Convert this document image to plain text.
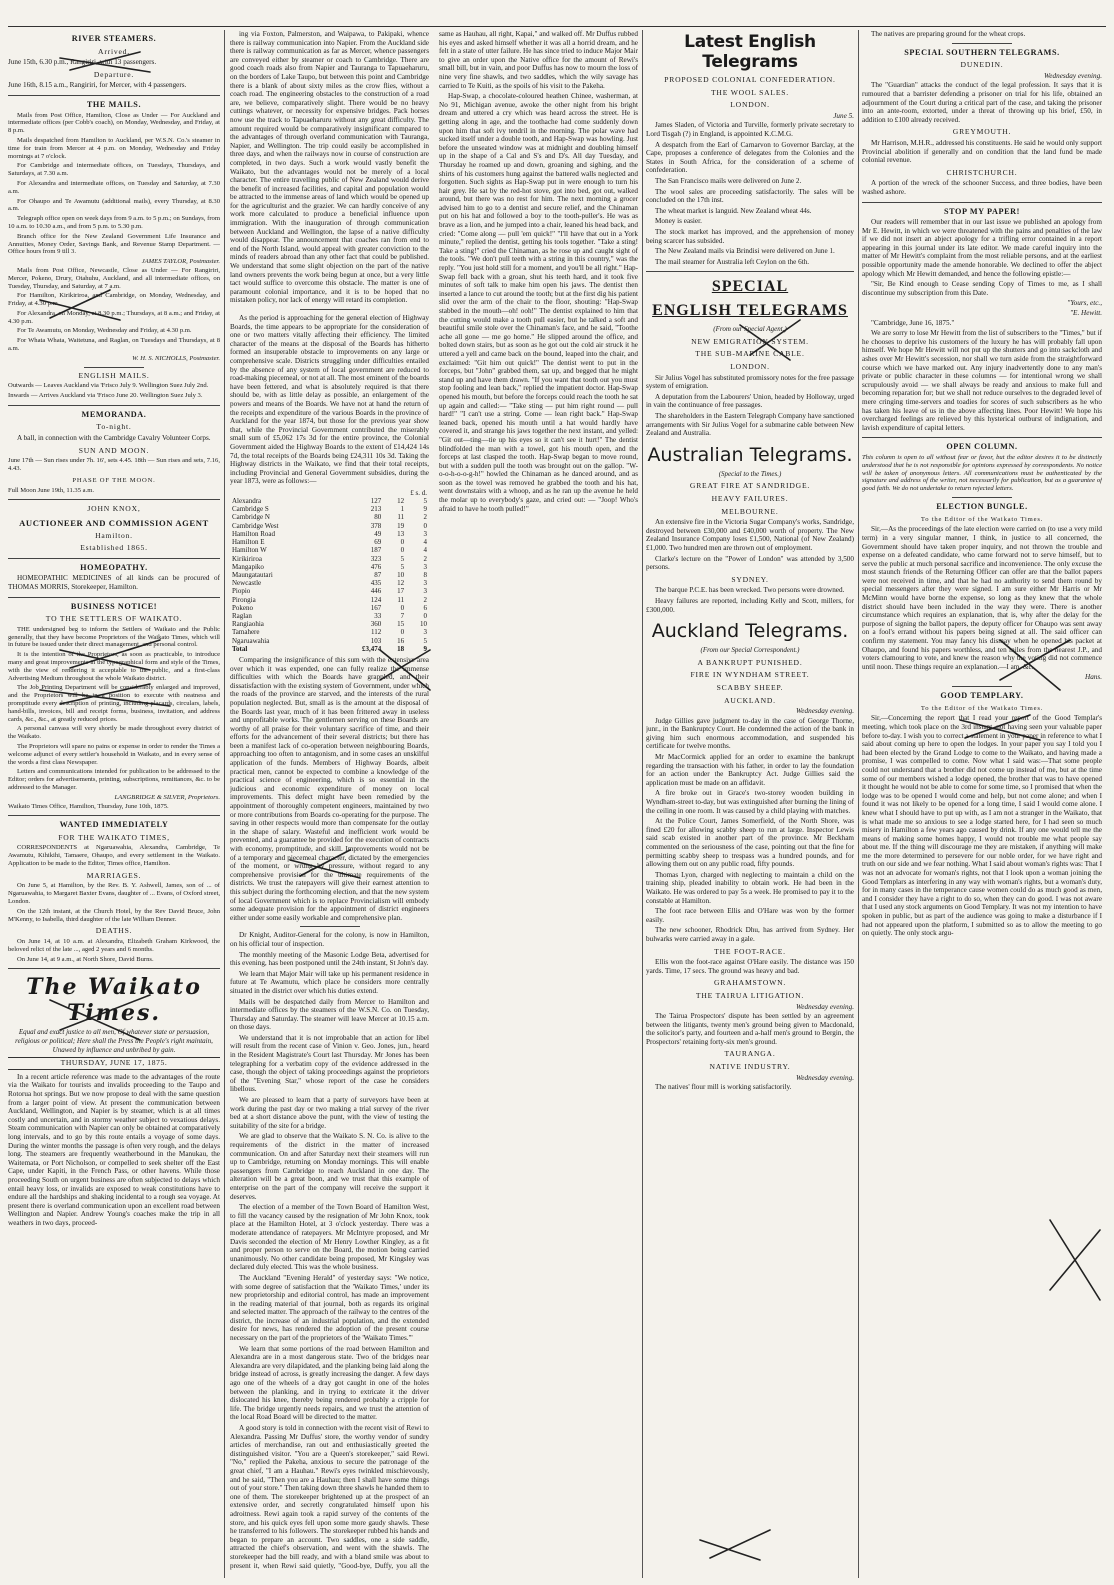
RIVER STEAMERS.
Arrived.

June 15th, 6.30 p.m., Rangiriri, with 13 passengers.

Departure.

June 16th, 8.15 a.m., Rangiriri, for Mercer, with 4 passengers.

THE MAILS.

Mails from Post Office, Hamilton, Close as Under — For Auckland and intermediate offices (per Cobb's coach), on Monday, Wednesday, and Friday, at 8 p.m.

Mails despatched from Hamilton to Auckland, per W.S.N. Co.'s steamer in time for train from Mercer at 4 p.m. on Monday, Wednesday and Friday mornings at 7 o'clock.

For Cambridge and intermediate offices, on Tuesdays, Thursdays, and Saturdays, at 7.30 a.m.

For Alexandra and intermediate offices, on Tuesday and Saturday, at 7.30 a.m.

For Ohaupo and Te Awamutu (additional mails), every Thursday, at 8.30 a.m.

Telegraph office open on week days from 9 a.m. to 5 p.m.; on Sundays, from 10 a.m. to 10.30 a.m., and from 5 p.m. to 5.30 p.m.

Branch office for the New Zealand Government Life Insurance and Annuities, Money Order, Savings Bank, and Revenue Stamp Department. — Office hours from 9 till 3.

JAMES TAYLOR, Postmaster.

Mails from Post Office, Newcastle, Close as Under — For Rangiriri, Mercer, Pokeno, Drury, Otahuhu, Auckland, and all intermediate offices, on Tuesday, Thursday, and Saturday, at 7 a.m.

For Hamilton, Kirikiriroa, and Cambridge, on Monday, Wednesday, and Friday, at 4.30 p.m.

For Alexandra, on Monday, at 8.30 p.m.; Thursdays, at 8 a.m.; and Friday, at 4.30 p.m.

For Te Awamutu, on Monday, Wednesday and Friday, at 4.30 p.m.

For Whata Whata, Waitetuna, and Raglan, on Tuesdays and Thursdays, at 8 a.m.

W. H. S. NICHOLLS, Postmaster.
ENGLISH MAILS.

Outwards — Leaves Auckland via 'Frisco July 9. Wellington Suez July 2nd.

Inwards — Arrives Auckland via 'Frisco June 20. Wellington Suez July 3.

MEMORANDA.
To-night.

A ball, in connection with the Cambridge Cavalry Volunteer Corps.

SUN AND MOON.

June 17th — Sun rises under 7h. 16', sets 4.45. 18th — Sun rises and sets, 7.16, 4.43.

PHASE OF THE MOON.

Full Moon June 19th, 11.35 a.m.

JOHN KNOX,
AUCTIONEER AND COMMISSION AGENT
Hamilton.
Established 1865.
HOMEOPATHY.

HOMEOPATHIC MEDICINES of all kinds can be procured of THOMAS MORRIS, Storekeeper, Hamilton.

BUSINESS NOTICE!
TO THE SETTLERS OF WAIKATO.

THE undersigned beg to inform the Settlers of Waikato and the Public generally, that they have become Proprietors of the Waikato Times, which will in future be issued under their direct management, and personal control.

It is the intention of the Proprietors, as soon as practicable, to introduce many and great improvements in the typographical form and style of the Times, with the view of rendering it acceptable to the public, and a first-class Advertising Medium throughout the whole Waikato district.

The Job Printing Department will be considerably enlarged and improved, and the Proprietors will be in a position to execute with neatness and promptitude every description of printing, including placards, circulars, labels, hand-bills, invoices, bill and receipt forms, business, invitation, and address cards, &c., &c., at greatly reduced prices.

A personal canvass will very shortly be made throughout every district of the Waikato.

The Proprietors will spare no pains or expense in order to render the Times a welcome adjunct of every settler's household in Waikato, and in every sense of the words a first class Newspaper.

Letters and communications intended for publication to be addressed to the Editor; orders for advertisements, printing, subscriptions, remittances, &c. to be addressed to the Manager.

LANGBRIDGE & SILVER, Proprietors.

Waikato Times Office, Hamilton, Thursday, June 10th, 1875.

WANTED IMMEDIATELY
FOR THE WAIKATO TIMES,

CORRESPONDENTS at Ngaruawahia, Alexandra, Cambridge, Te Awamutu, Kihikihi, Tamaere, Ohaupo, and every settlement in the Waikato. Application to be made to the Editor, Times office, Hamilton.

MARRIAGES.

On June 5, at Hamilton, by the Rev. B. Y. Ashwell, James, son of ... of Ngaruawahia, to Margaret Baxter Evans, daughter of ... Evans, of Oxford street, London.

On the 12th instant, at the Church Hotel, by the Rev David Bruce, John M'Kenny, to Isabella, third daughter of the late William Denner.

DEATHS.

On June 14, at 10 a.m. at Alexandra, Elizabeth Graham Kirkwood, the beloved relict of the late ..., aged 2 years and 6 months.

On June 14, at 9 a.m., at North Shore, David Burns.

The Waikato Times.
Equal and exact justice to all men, Of whatever state or persuasion, religious or political; Here shall the Press the People's right maintain, Unawed by influence and unbribed by gain.
THURSDAY, JUNE 17, 1875.

In a recent article reference was made to the advantages of the route via the Waikato for tourists and invalids proceeding to the Taupo and Rotorua hot springs. But we now propose to deal with the same question from a larger point of view. At present the communication between Auckland, Wellington, and Napier is by steamer, which is at all times costly and uncertain, and in stormy weather subject to vexatious delays. Steam communication with Napier can only be obtained at comparatively long intervals, and to go by this route entails a voyage of some days. During the winter months the passage is often very rough, and the delays long. The steamers are frequently weatherbound in the Manukau, the Waitemata, or Port Nicholson, or compelled to seek shelter off the East Cape, under Kapiti, in the French Pass, or other havens. While those proceeding South on urgent business are often subjected to delays which entail heavy loss, or invalids are exposed to weak constitutions have to endure all the hardships and shaking incidental to a rough sea voyage. At present there is overland communication upon an excellent road between Wellington and Napier. Andrew Young's coaches make the trip in all weathers in two days, proceed-

ing via Foxton, Palmerston, and Waipawa, to Pakipaki, whence there is railway communication into Napier. From the Auckland side there is railway communication as far as Mercer, whence passengers are conveyed either by steamer or coach to Cambridge. There are good coach roads also from Napier and Tauranga to Tapuaeharuru, on the borders of Lake Taupo, but between this point and Cambridge there is a blank of about sixty miles as the crow flies, without a coach road. The engineering obstacles to the construction of a road are, we believe, comparatively slight. There would be no heavy cuttings whatever, or necessity for expensive bridges. Pack horses now use the track to Tapuaeharuru without any great difficulty. The amount required would be comparatively insignificant compared to the advantages of through overland communication with Tauranga, Napier, and Wellington. The trip could easily be accomplished in three days, and when the railways now in course of construction are completed, in two days. Such a work would vastly benefit the Waikato, but the advantages would not be merely of a local character. The entire travelling public of New Zealand would derive the benefit of increased facilities, and capital and population would be attracted to the immense areas of land which would be opened up for the agriculturist and the grazier. We can hardly conceive of any work more calculated to produce a beneficial influence upon immigration. With the inauguration of through communication between Auckland and Wellington, the lapse of a native difficulty would disappear. The announcement that coaches ran from end to end of the North Island, would appeal with greater conviction to the minds of readers abroad than any other fact that could be published. We understand that some slight objection on the part of the native land owners prevents the work being begun at once, but a very little tact would suffice to overcome this obstacle. The matter is one of paramount colonial importance, and it is to be hoped that no mistaken policy, nor lack of energy will retard its completion.

As the period is approaching for the general election of Highway Boards, the time appears to be appropriate for the consideration of one or two matters vitally affecting their efficiency. The limited character of the means at the disposal of the Boards has hitherto formed an insuperable obstacle to improvements on any large or comprehensive scale. Districts struggling under difficulties entailed by the absence of any system of local government are reduced to road-making piecemeal, or not at all. The most eminent of the boards have been fettered, and what is absolutely required is that there should be, with as little delay as possible, an enlargement of the powers and means of the Boards. We have not at hand the return of the receipts and expenditure of the various Boards in the province of Auckland for the year 1874, but those for the previous year show that, while the Provincial Government contributed the miserably small sum of £5,062 17s 3d for the entire province, the Colonial Government aided the Highway Boards to the extent of £14,424 14s 7d, the total receipts of the Boards being £24,311 10s 3d. Taking the Highway districts in the Waikato, we find that their total receipts, including Provincial and General Government subsidies, during the year 1873, were as follows:—

£ s. d.			
Alexandra	127	12	5
Cambridge S	213	1	9
Cambridge N	80	11	2
Cambridge West	378	19	0
Hamilton Road	49	13	3
Hamilton E	69	0	4
Hamilton W	187	0	4
Kirikiriroa	323	5	2
Mangapiko	476	5	3
Maungatautari	87	10	8
Newcastle	435	12	3
Piopio	446	17	3
Pirongia	124	11	2
Pokeno	167	0	6
Raglan	33	7	0
Rangiaohia	360	15	10
Tamahere	112	0	3
Ngaruawahia	103	16	5
Total	£3,474	18	9

Comparing the insignificance of this sum with the extensive area over which it was expended, one can fully realize the immense difficulties with which the Boards have grappled, and their dissatisfaction with the existing system of Government, under which the roads of the province are starved, and the interests of the rural population neglected. But, small as is the amount at the disposal of the Boards last year, much of it has been frittered away in useless and unprofitable works. The gentlemen serving on these Boards are worthy of all praise for their voluntary sacrifice of time, and their efforts for the advancement of their several districts; but there has been a manifest lack of co-operation between neighbouring Boards, approaching too often to antagonism, and in some cases an unskilful application of the funds. Members of Highway Boards, albeit practical men, cannot be expected to combine a knowledge of the practical science of engineering, which is so essential in the judicious and economic expenditure of money on local improvements. This defect might have been remedied by the appointment of thoroughly competent engineers, maintained by two or more contributions from Boards co-operating for the purpose. The saving in other respects would more than compensate for the outlay in the shape of salary. Wasteful and inefficient work would be prevented, and a guarantee be provided for the execution of contracts with economy, promptitude, and skill. Improvements would not be of a temporary and piecemeal character, dictated by the emergencies of the moment, or wrung by pressure, without regard to any comprehensive provision for the ultimate requirements of the districts. We trust the ratepayers will give their earnest attention to this subject during the forthcoming election, and that the new system of local Government which is to replace Provincialism will embody some adequate provision for the appointment of district engineers either under some easily workable and comprehensive plan.

Dr Knight, Auditor-General for the colony, is now in Hamilton, on his official tour of inspection.

The monthly meeting of the Masonic Lodge Beta, advertised for this evening, has been postponed until the 24th instant, St John's day.

We learn that Major Mair will take up his permanent residence in future at Te Awamutu, which place he considers more centrally situated in the district over which his duties extend.

Mails will be despatched daily from Mercer to Hamilton and intermediate offices by the steamers of the W.S.N. Co. on Tuesday, Thursday and Saturday. The steamer will leave Mercer at 10.15 a.m. on those days.

We understand that it is not improbable that an action for libel will result from the recent case of Vinion v. Geo. Jones, jun., heard in the Resident Magistrate's Court last Thursday. Mr Jones has been telegraphing for a verbatim copy of the evidence addressed in the case, though the object of taking proceedings against the proprietors of the "Evening Star," whose report of the case he considers libellous.

We are pleased to learn that a party of surveyors have been at work during the past day or two making a trial survey of the river bed at a short distance above the punt, with the view of testing the suitability of the site for a bridge.

We are glad to observe that the Waikato S. N. Co. is alive to the requirements of the district in the matter of increased communication. On and after Saturday next their steamers will run up to Cambridge, returning on Monday mornings. This will enable passengers from Cambridge to reach Auckland in one day. The alteration will be a great boon, and we trust that this example of enterprise on the part of the company will receive the support it deserves.

The election of a member of the Town Board of Hamilton West, to fill the vacancy caused by the resignation of Mr John Knox, took place at the Hamilton Hotel, at 3 o'clock yesterday. There was a moderate attendance of ratepayers. Mr McIntyre proposed, and Mr Davis seconded the election of Mr Henry Lowther Kingley, as a fit and proper person to serve on the Board, the motion being carried unanimously. No other candidate being proposed, Mr Kingsley was declared duly elected. This was the whole business.

The Auckland "Evening Herald" of yesterday says: "We notice, with some degree of satisfaction that the 'Waikato Times,' under its new proprietorship and editorial control, has made an improvement in the reading material of that journal, both as regards its original and selected matter. The approach of the railway to the centres of the district, the increase of an industrial population, and the extended desire for news, has rendered the adoption of the present course necessary on the part of the proprietors of the 'Waikato Times.'"

We learn that some portions of the road between Hamilton and Alexandra are in a most dangerous state. Two of the bridges near Alexandra are very dilapidated, and the planking being laid along the bridge instead of across, is greatly increasing the danger. A few days ago one of the wheels of a dray got caught in one of the holes between the planking, and in trying to extricate it the driver dislocated his knee, thereby being rendered probably a cripple for life. The bridge urgently needs repairs, and we trust the attention of the local Road Board will be directed to the matter.

A good story is told in connection with the recent visit of Rewi to Alexandra. Passing Mr Duffus' store, the worthy vendor of sundry articles of merchandise, ran out and enthusiastically greeted the distinguished visitor. "You are a Queen's storekeeper," said Rewi. "No," replied the Pakeha, anxious to secure the patronage of the great chief, "I am a Hauhau." Rewi's eyes twinkled mischievously, and he said, "Then you are a Hauhau; then I shall have some things out of your store." Then taking down three shawls he handed them to one of them. The storekeeper brightened up at the prospect of an extensive order, and secretly congratulated himself upon his adroitness. Rewi again took a rapid survey of the contents of the store, and his quick eyes fell upon some more gaudy shawls. These he transferred to his followers. The storekeeper rubbed his hands and began to prepare an account. Two saddles, one a side saddle, attracted the chief's observation, and went with the shawls. The storekeeper had the bill ready, and with a bland smile was about to present it, when Rewi said quietly, "Good-bye, Duffy, you all the same as Hauhau, all right, Kapai," and walked off. Mr Duffus rubbed his eyes and asked himself whether it was all a horrid dream, and he felt in a state of utter failure. He has since tried to induce Major Mair to give an order upon the Native office for the amount of Rewi's small bill, but in vain, and poor Duffus has now to mourn the loss of nine very fine shawls, and two saddles, which the wily savage has carried to Te Kuiti, as the spoils of his visit to the Pakeha.

Hap-Swap, a chocolate-coloured heathen Chinee, washerman, at No 91, Michigan avenue, awoke the other night from his bright dream and uttered a cry which was heard across the street. He is getting along in age, and the toothache had come suddenly down upon him that soft ivy tendril in the morning. The polar wave had sucked itself under a double tooth, and Hap-Swap was howling. Just before the unseated window was at midnight and doubling himself up in the shape of a Cal and S's and D's. All day Tuesday, and Thursday he roamed up and down, groaning and sighing, and the shirts of his customers hung against the battered walls neglected and forgotten. Such sights as Hap-Swap put in were enough to turn his hair grey. He sat by the red-hot stove, got into bed, got out, walked around, but there was no rest for him. The next morning a grocer advised him to go to a dentist and secure relief, and the Chinaman put on his hat and followed a boy to the tooth-puller's. He was as brave as a lion, and he jumped into a chair, leaned his head back, and cried: "Come along — pull 'em quick!" "I'll have that out in a York minute," replied the dentist, getting his tools together. "Take a sting! Take a sting!" cried the Chinaman, as he rose up and caught sight of the tools. "We don't pull teeth with a string in this country," was the reply. "You just hold still for a moment, and you'll be all right." Hap-Swap fell back with a groan, shut his teeth hard, and it took five minutes of soft talk to make him open his jaws. The dentist then inserted a lance to cut around the tooth; but at the first dig his patient slid over the arm of the chair to the floor, shouting: "Hap-Swap stabbed in the mouth—oh! ooh!" The dentist explained to him that the cutting would make a tooth pull easier, but he talked a soft and beautiful smile stole over the Chinaman's face, and he said, "Toothe ache all gone — me go home." He slipped around the office, and bolted down stairs, but as soon as he got out the cold air struck it he uttered a yell and came back on the bound, leaped into the chair, and exclaimed: "Git him out quick!" The dentist went to put in the forceps, but "John" grabbed them, sat up, and begged that he might stand up and have them drawn. "If you want that tooth out you must stop fooling and lean back," replied the impatient doctor. Hap-Swap opened his mouth, but before the forceps could reach the tooth he sat up again and called:— "Take sting — put him right round — pull hard!" "I can't use a string. Come — lean right back." Hap-Swap leaned back, opened his mouth until a hat would hardly have covered it, and strange his jaws together the next instant, and yelled: "Git out—ting—tie up his eyes so it can't see it hurt!" The dentist blindfolded the man with a towel, got his mouth open, and the forceps at last clasped the tooth. Hap-Swap began to move round, but with a sudden pull the tooth was brought out on the gallop. "W-o-o-h-o-o-g-h!" howled the Chinaman as he danced around, and as soon as the towel was removed he grabbed the tooth and his hat, went downstairs with a whoop, and as he ran up the avenue he held the molar up to everybody's gaze, and cried out: — "Joop! Who's afraid to have he tooth pulled!"

Latest English Telegrams
PROPOSED COLONIAL CONFEDERATION.
THE WOOL SALES.
LONDON.
June 5.

James Sladen, of Victoria and Turville, formerly private secretary to Lord Tisgah (?) in England, is appointed K.C.M.G.

A despatch from the Earl of Carnarvon to Governor Barclay, at the Cape, proposes a conference of delegates from the Colonies and the States in South Africa, for the consideration of a scheme of confederation.

The San Francisco mails were delivered on June 2.

The wool sales are proceeding satisfactorily. The sales will be concluded on the 17th inst.

The wheat market is languid. New Zealand wheat 44s.

Money is easier.

The stock market has improved, and the apprehension of money being scarcer has subsided.

The New Zealand mails via Brindisi were delivered on June 1.

The mail steamer for Australia left Ceylon on the 6th.

SPECIAL
ENGLISH TELEGRAMS
(From our Special Agent.)
NEW EMIGRATION SYSTEM.
THE SUB-MARINE CABLE.
LONDON.

Sir Julius Vogel has substituted promissory notes for the free passage system of emigration.

A deputation from the Labourers' Union, headed by Holloway, urged in vain the continuance of free passages.

The shareholders in the Eastern Telegraph Company have sanctioned arrangements with Sir Julius Vogel for a submarine cable between New Zealand and Australia.

Australian Telegrams.
(Special to the Times.)
GREAT FIRE AT SANDRIDGE.
HEAVY FAILURES.
MELBOURNE.

An extensive fire in the Victoria Sugar Company's works, Sandridge, destroyed between £30,000 and £40,000 worth of property. The New Zealand Insurance Company loses £1,500, National (of New Zealand) £1,000. Two hundred men are thrown out of employment.

Clarke's lecture on the "Power of London" was attended by 3,500 persons.

SYDNEY.

The barque P.C.E. has been wrecked. Two persons were drowned.

Heavy failures are reported, including Kelly and Scott, millers, for £300,000.

Auckland Telegrams.
(From our Special Correspondent.)
A BANKRUPT PUNISHED.
FIRE IN WYNDHAM STREET.
SCABBY SHEEP.
AUCKLAND.
Wednesday evening.

Judge Gillies gave judgment to-day in the case of George Thorne, junr., in the Bankruptcy Court. He condemned the action of the bank in giving him such enormous accommodation, and suspended his certificate for twelve months.

Mr MacCormick applied for an order to examine the bankrupt regarding the transaction with his father, in order to lay the foundation for an action under the Bankruptcy Act. Judge Gillies said the application must be made on an affidavit.

A fire broke out in Grace's two-storey wooden building in Wyndham-street to-day, but was extinguished after burning the lining of the ceiling in one room. It was caused by a child playing with matches.

At the Police Court, James Somerfield, of the North Shore, was fined £20 for allowing scabby sheep to run at large. Inspector Lewis said scab existed in another part of the province. Mr Beckham commented on the seriousness of the case, pointing out that the fine for permitting scabby sheep to trespass was a hundred pounds, and for allowing them out on any public road, fifty pounds.

Thomas Lyon, charged with neglecting to maintain a child on the training ship, pleaded inability to obtain work. He had been in the Waikato. He was ordered to pay 5s a week. He promised to pay it to the constable at Hamilton.

The foot race between Ellis and O'Hare was won by the former easily.

The new schooner, Rhodrick Dhu, has arrived from Sydney. Her bulwarks were carried away in a gale.

THE FOOT-RACE.

Ellis won the foot-race against O'Hare easily. The distance was 150 yards. Time, 17 secs. The ground was heavy and bad.

GRAHAMSTOWN.
THE TAIRUA LITIGATION.
Wednesday evening.

The Tairua Prospectors' dispute has been settled by an agreement between the litigants, twenty men's ground being given to Macdonald, the solicitor's party, and fourteen and a-half men's ground to Bergin, the Prospectors' retaining forty-six men's ground.

TAURANGA.
NATIVE INDUSTRY.
Wednesday evening.

The natives' flour mill is working satisfactorily.

The natives are preparing ground for the wheat crops.

SPECIAL SOUTHERN TELEGRAMS.
DUNEDIN.
Wednesday evening.

The "Guardian" attacks the conduct of the legal profession. It says that it is rumoured that a barrister defending a prisoner on trial for his life, obtained an adjournment of the Court during a critical part of the case, and taking the prisoner into an ante-room, extorted, under a threat of throwing up his brief, £50, in addition to £100 already received.

GREYMOUTH.

Mr Harrison, M.H.R., addressed his constituents. He said he would only support Provincial abolition if generally and on condition that the land fund be made colonial revenue.

CHRISTCHURCH.

A portion of the wreck of the schooner Success, and three bodies, have been washed ashore.

STOP MY PAPER!

Our readers will remember that in our last issue we published an apology from Mr E. Hewitt, in which we were threatened with the pains and penalties of the law if we did not insert an abject apology for a trifling error contained in a report appearing in this journal under its late editor. We made careful inquiry into the matter of Mr Hewitt's complaint from the most reliable persons, and at the earliest possible opportunity made the amende honorable. We declined to offer the abject apology which Mr Hewitt demanded, and hence the following epistle:—

"Sir, Be Kind enough to Cease sending Copy of Times to me, as I shall discontinue my subscription from this Date.

"Yours, etc.,
"E. Hewitt.

"Cambridge, June 16, 1875."

We are sorry to lose Mr Hewitt from the list of subscribers to the "Times," but if he chooses to deprive his customers of the luxury he has will probably fall upon himself. We hope Mr Hewitt will not put up the shutters and go into sackcloth and ashes over Mr Hewitt's secession, nor shall we turn aside from the straightforward course which we have marked out. Any injury inadvertently done to any man's private or public character in these columns — for intentional wrong we shall scrupulously avoid — we shall always be ready and anxious to make full and becoming reparation for; but we shall not reduce ourselves to the degraded level of mere cringing time-servers and toadies for scores of such subscribers as he who has taken his leave of us in the above affecting lines. Poor Hewitt! We hope his overcharged feelings are relieved by this hysterical outburst of indignation, and lavish expenditure of capital letters.

OPEN COLUMN.

This column is open to all without fear or favor, but the editor desires it to be distinctly understood that he is not responsible for opinions expressed by correspondents. No notice will be taken of anonymous letters. All communications must be authenticated by the signature and address of the writer, not necessarily for publication, but as a guarantee of good faith. We do not undertake to return rejected letters.

ELECTION BUNGLE.
To the Editor of the Waikato Times.

Sir,—As the proceedings of the late election were carried on (to use a very mild term) in a very singular manner, I think, in justice to all concerned, the Government should have taken proper inquiry, and not thrown the trouble and expense on a defeated candidate, who came forward not to serve himself, but to serve the public at much personal sacrifice and inconvenience. The only excuse the most staunch friends of the Returning Officer can offer are that the ballot papers were not received in time, and that he had no authority to send them round by special messengers after they were signed. I am sure either Mr Harris or Mr McMinn would have borne the expense, so long as they knew that the whole district should have been included in the way they were. There is another circumstance which requires an explanation, that is, why after the delay for the purpose of signing the ballot papers, the deputy officer for Ohaupo was sent away on a fool's errand without his papers being signed at all. The said officer can confirm my statement. You may fancy his dismay when he opened his packet at Ohaupo, and found his papers worthless, and ten miles from the nearest J.P., and voters clamouring to vote, and knew the reason why the voting did not commence until noon. These things require an explanation.—I am, &c.,

Hans.
GOOD TEMPLARY.
To the Editor of the Waikato Times.

Sir,—Concerning the report that I read your report of the Good Templar's meeting, which took place on the 3rd instant, not having seen your valuable paper before to-day. I wish you to correct a statement in your paper in reference to what I said about coming up here to open the lodges. In your paper you say I told you I had been elected by the Grand Lodge to come to the Waikato, and having made a promise, I was compelled to come. Now what I said was:—That some people could not understand that a brother did not come up instead of me, but at the time some of our members wished a lodge opened, the brother that was to have opened it thought he would not be able to come for some time, so I promised that when the lodge was to be opened I would come and help, but not come alone; and when I found it was not likely to be opened for a long time, I said I would come alone. I knew what I should have to put up with, as I am not a stranger in the Waikato, that is what made me so anxious to see a lodge started here, for I had seen so much misery in Hamilton a few years ago caused by drink. If any one would tell me the means of making some homes happy, I would not trouble me what people say about me. If the thing will discourage me they are mistaken, if anything will make me the more determined to persevere for our noble order, for we have right and truth on our side and we fear nothing. What I said about woman's rights was: That I was not an advocate for woman's rights, not that I look upon a woman joining the Good Templars as interfering in any way with woman's rights, but a woman's duty, for in many cases in the temperance cause women could do as much good as men, and I consider they have a right to do so, when they can do good. I was not aware that I used any stock arguments on Good Templary. It was not my intention to have spoken in public, but as part of the audience was going to make a disturbance if I had not appeared upon the platform, I submitted so as to allow the meeting to go on quietly. The only stock argu-
